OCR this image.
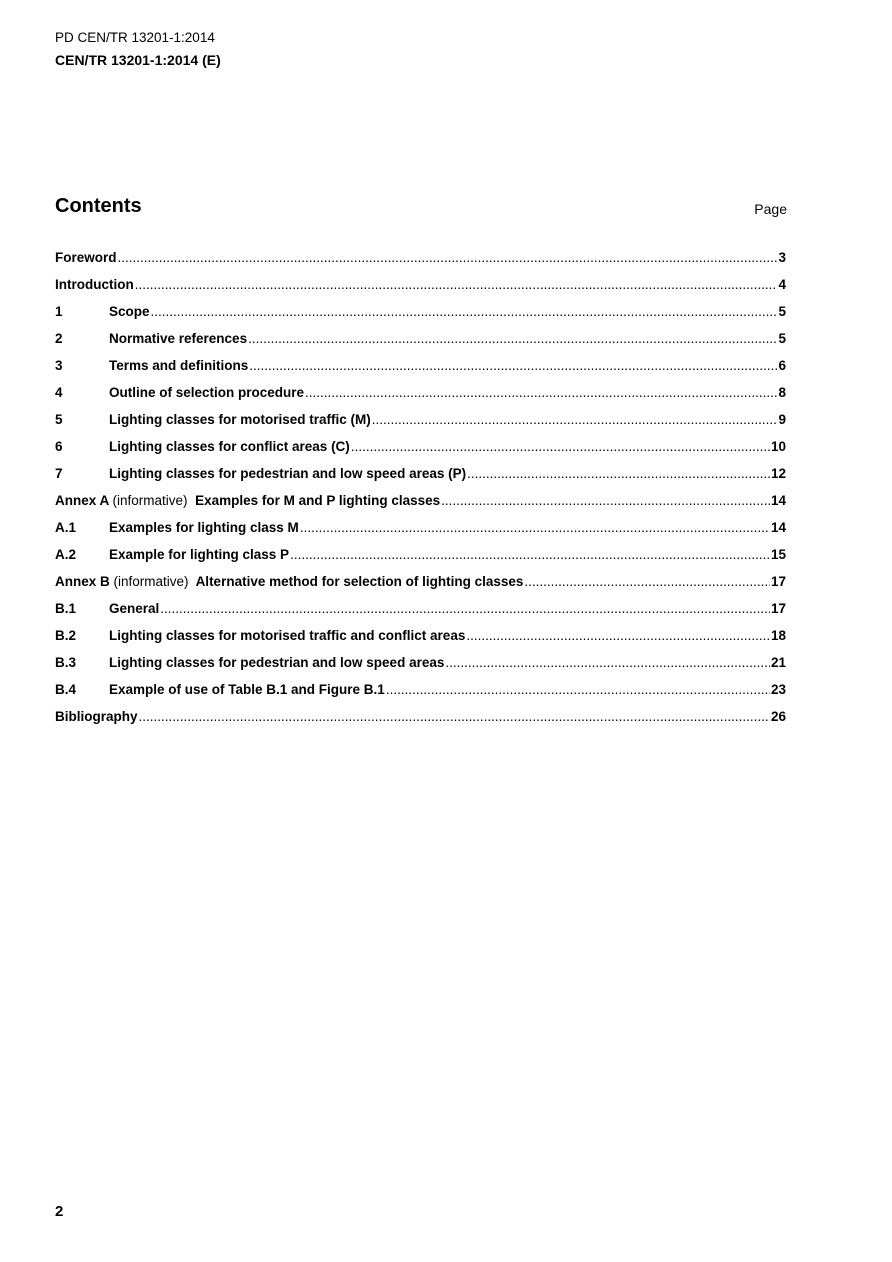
PD CEN/TR 13201-1:2014
CEN/TR 13201-1:2014 (E)
Contents	Page
Foreword .....	3
Introduction .....	4
1	Scope .....	5
2	Normative references .....	5
3	Terms and definitions .....	6
4	Outline of selection procedure .....	8
5	Lighting classes for motorised traffic (M) .....	9
6	Lighting classes for conflict areas (C) .....	10
7	Lighting classes for pedestrian and low speed areas (P) .....	12
Annex A (informative) Examples for M and P lighting classes .....	14
A.1	Examples for lighting class M .....	14
A.2	Example for lighting class P .....	15
Annex B (informative) Alternative method for selection of lighting classes .....	17
B.1	General .....	17
B.2	Lighting classes for motorised traffic and conflict areas .....	18
B.3	Lighting classes for pedestrian and low speed areas .....	21
B.4	Example of use of Table B.1 and Figure B.1 .....	23
Bibliography .....	26
2
